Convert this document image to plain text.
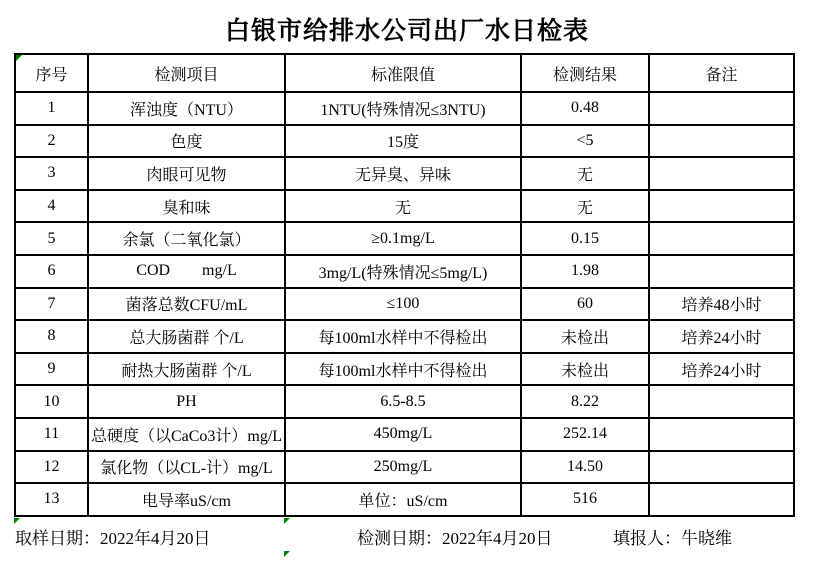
白银市给排水公司出厂水日检表
序号	检测项目	标准限值	检测结果	备注
1	浑浊度（NTU）	1NTU(特殊情况≤3NTU)	0.48	
2	色度	15度	<5	
3	肉眼可见物	无异臭、异味	无	
4	臭和味	无	无	
5	余氯（二氧化氯）	≥0.1mg/L	0.15	
6	COD        mg/L	3mg/L(特殊情况≤5mg/L)	1.98	
7	菌落总数CFU/mL	≤100	60	培养48小时
8	总大肠菌群 个/L	每100ml水样中不得检出	未检出	培养24小时
9	耐热大肠菌群 个/L	每100ml水样中不得检出	未检出	培养24小时
10	PH	6.5-8.5	8.22	
11	总硬度（以CaCo3计）mg/L	450mg/L	252.14	
12	氯化物（以CL-计）mg/L	250mg/L	14.50	
13	电导率uS/cm	单位：uS/cm	516	
取样日期：2022年4月20日	检测日期：2022年4月20日	填报人：牛晓维
